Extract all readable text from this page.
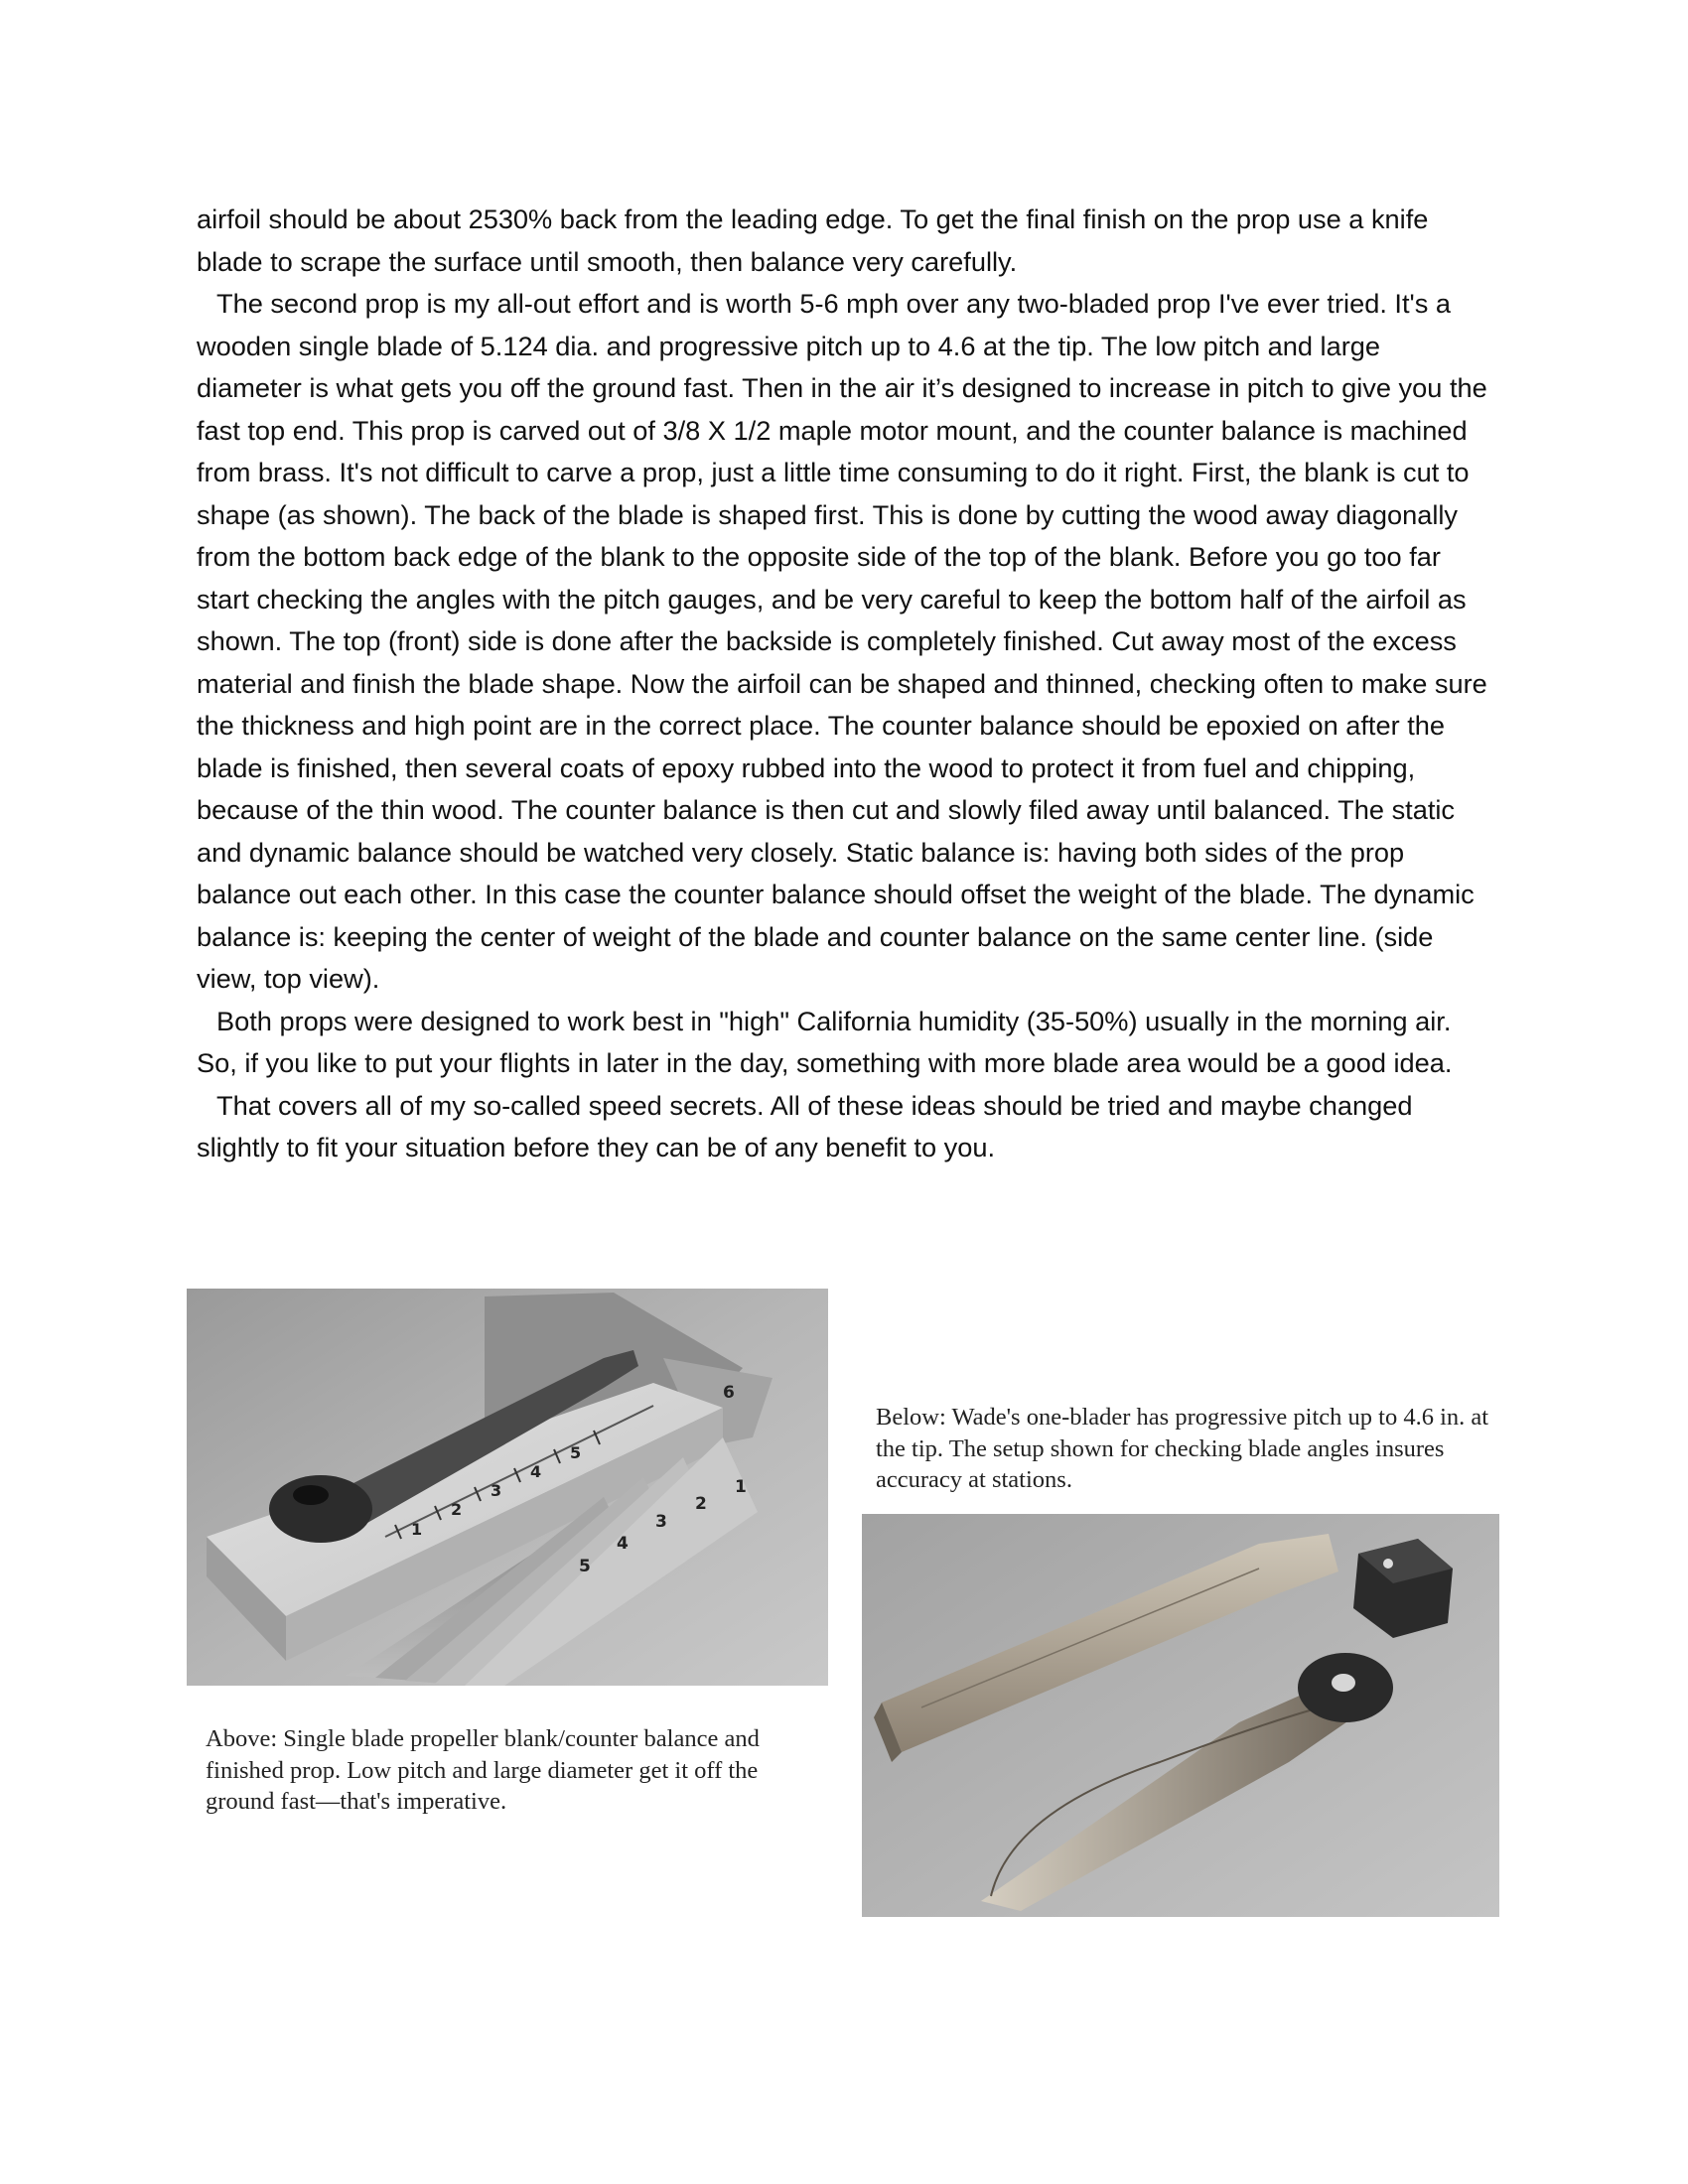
airfoil should be about 2530% back from the leading edge. To get the final finish on the prop use a knife blade to scrape the surface until smooth, then balance very carefully.

The second prop is my all-out effort and is worth 5-6 mph over any two-bladed prop I've ever tried. It's a wooden single blade of 5.124 dia. and progressive pitch up to 4.6 at the tip. The low pitch and large diameter is what gets you off the ground fast. Then in the air it’s designed to increase in pitch to give you the fast top end. This prop is carved out of 3/8 X 1/2 maple motor mount, and the counter balance is machined from brass. It's not difficult to carve a prop, just a little time consuming to do it right. First, the blank is cut to shape (as shown). The back of the blade is shaped first. This is done by cutting the wood away diagonally from the bottom back edge of the blank to the opposite side of the top of the blank. Before you go too far start checking the angles with the pitch gauges, and be very careful to keep the bottom half of the airfoil as shown. The top (front) side is done after the backside is completely finished. Cut away most of the excess material and finish the blade shape. Now the airfoil can be shaped and thinned, checking often to make sure the thickness and high point are in the correct place. The counter balance should be epoxied on after the blade is finished, then several coats of epoxy rubbed into the wood to protect it from fuel and chipping, because of the thin wood. The counter balance is then cut and slowly filed away until balanced. The static and dynamic balance should be watched very closely. Static balance is: having both sides of the prop balance out each other. In this case the counter balance should offset the weight of the blade. The dynamic balance is: keeping the center of weight of the blade and counter balance on the same center line. (side view, top view).

Both props were designed to work best in "high" California humidity (35-50%) usually in the morning air. So, if you like to put your flights in later in the day, something with more blade area would be a good idea.

That covers all of my so-called speed secrets. All of these ideas should be tried and maybe changed slightly to fit your situation before they can be of any benefit to you.

1
2
3
4
5
5
4
3
2
1
6
Below: Wade's one-blader has progressive pitch up to 4.6 in. at the tip. The setup shown for checking blade angles insures accuracy at stations.
Above: Single blade propeller blank/counter balance and finished prop. Low pitch and large diameter get it off the ground fast—that's imperative.
